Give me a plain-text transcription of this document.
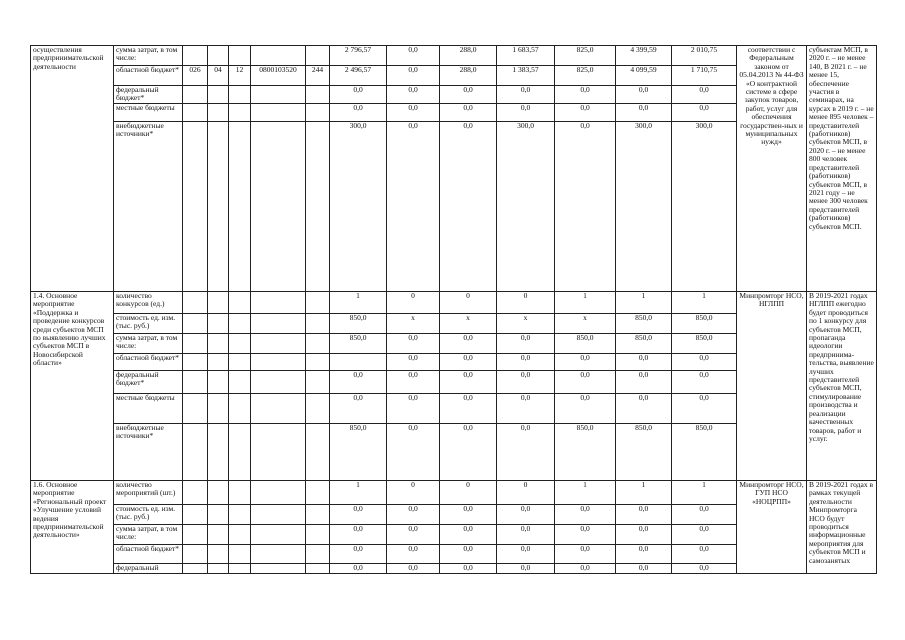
осуществления предпринимательской деятельности	сумма затрат, в том числе:						2 796,57	0,0	288,0	1 683,57	825,0	4 399,59	2 010,75	соответствии с Федеральным законом от 05.04.2013 № 44-ФЗ «О контрактной системе в сфере закупок товаров, работ, услуг для обеспечения государствен-ных и муниципальных нужд»	субъектам МСП, в 2020 г. – не менее 140, В 2021 г. – не менее 15, обеспечение участия в семинарах, на курсах в 2019 г. – не менее 895 человек – представителей (работников) субъектов МСП, в 2020 г. – не менее 800 человек представителей (работников) субъектов МСП, в 2021 году – не менее 300 человек представителей (работников) субъектов МСП.
	областной бюджет*	026	04	12	0800103520	244	2 496,57	0,0	288,0	1 383,57	825,0	4 099,59	1 710,75		
	федеральный бюджет*						0,0	0,0	0,0	0,0	0,0	0,0	0,0		
	местные бюджеты						0,0	0,0	0,0	0,0	0,0	0,0	0,0		
	внебюджетные источники*						300,0	0,0	0,0	300,0	0,0	300,0	300,0		
1.4. Основное мероприятие «Поддержка и проведение конкурсов среди субъектов МСП по выявлению лучших субъектов МСП в Новосибирской области»	количество конкурсов (ед.)						1	0	0	0	1	1	1	Минпромторг НСО, НГЛПП	В 2019-2021 годах НГЛПП ежегодно будет проводиться по 1 конкурсу для субъектов МСП, пропаганда идеологии предпринима-тельства, выявление лучших представителей субъектов МСП, стимулирование производства и реализации качественных товаров, работ и услуг.
	стоимость ед. изм. (тыс. руб.)						850,0	x	x	x	x	850,0	850,0		
	сумма затрат, в том числе:						850,0	0,0	0,0	0,0	850,0	850,0	850,0		
	областной бюджет*							0,0	0,0	0,0	0,0	0,0	0,0		
	федеральный бюджет*						0,0	0,0	0,0	0,0	0,0	0,0	0,0		
	местные бюджеты						0,0	0,0	0,0	0,0	0,0	0,0	0,0		
	внебюджетные источники*						850,0	0,0	0,0	0,0	850,0	850,0	850,0		
1.6. Основное мероприятие «Региональный проект «Улучшение условий ведения предпринимательской деятельности»	количество мероприятий (шт.)						1	0	0	0	1	1	1	Минпромторг НСО, ГУП НСО «НОЦРПП»	В 2019-2021 годах в рамках текущей деятельности Минпромторга НСО будут проводиться информационные мероприятия для субъектов МСП и самозанятых
	стоимость ед. изм. (тыс. руб.)						0,0	0,0	0,0	0,0	0,0	0,0	0,0		
	сумма затрат, в том числе:						0,0	0,0	0,0	0,0	0,0	0,0	0,0		
	областной бюджет*						0,0	0,0	0,0	0,0	0,0	0,0	0,0		
	федеральный						0,0	0,0	0,0	0,0	0,0	0,0	0,0		
